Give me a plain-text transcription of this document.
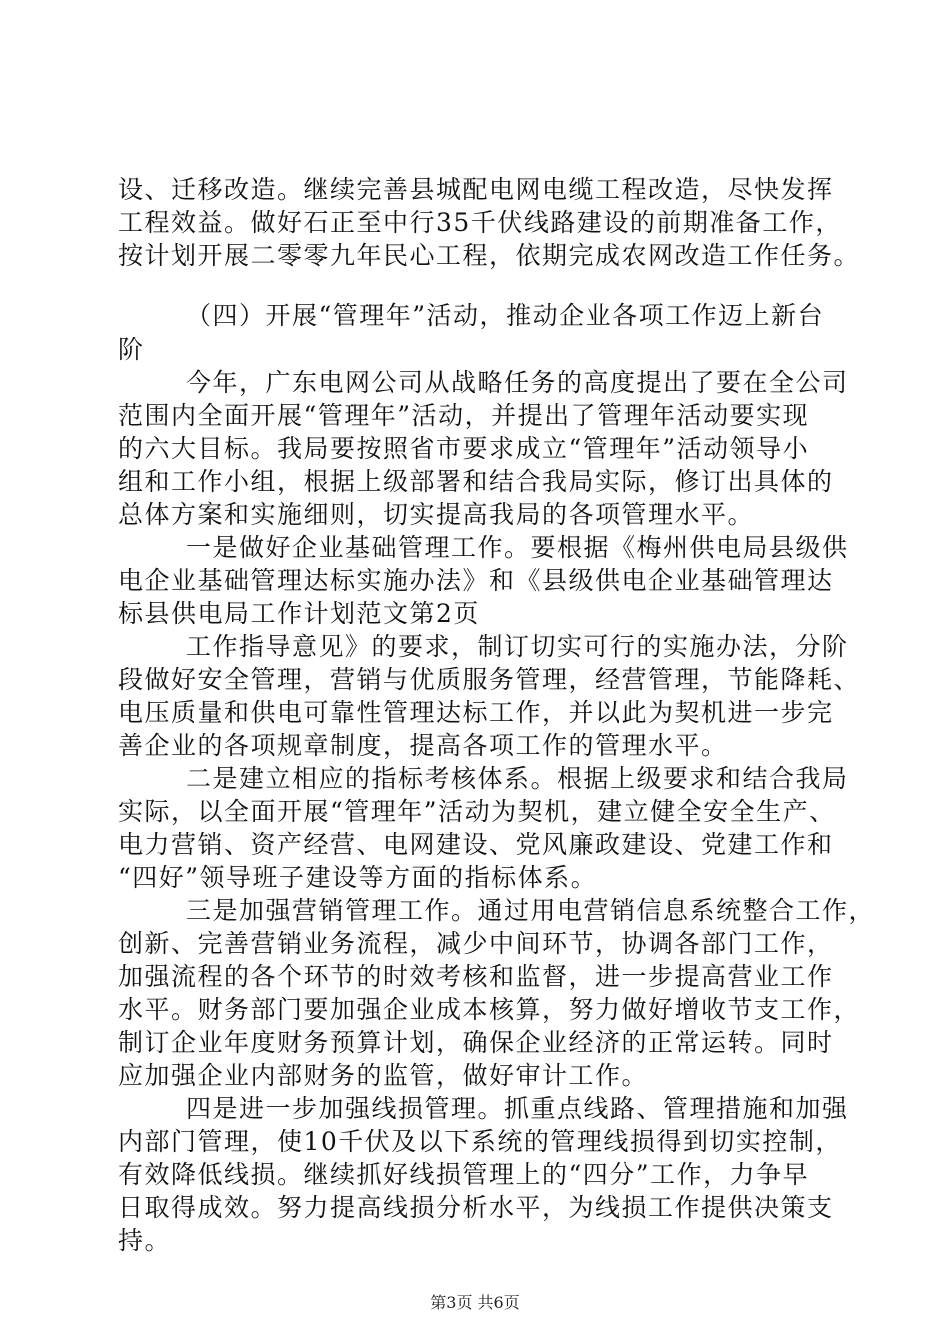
设、迁移改造。继续完善县城配电网电缆工程改造，尽快发挥
工程效益。做好石正至中行35千伏线路建设的前期准备工作，
按计划开展二零零九年民心工程，依期完成农网改造工作任务。
（四）开展“管理年”活动，推动企业各项工作迈上新台
阶
今年，广东电网公司从战略任务的高度提出了要在全公司
范围内全面开展“管理年”活动，并提出了管理年活动要实现
的六大目标。我局要按照省市要求成立“管理年”活动领导小
组和工作小组，根据上级部署和结合我局实际，修订出具体的
总体方案和实施细则，切实提高我局的各项管理水平。
一是做好企业基础管理工作。要根据《梅州供电局县级供
电企业基础管理达标实施办法》和《县级供电企业基础管理达
标县供电局工作计划范文第2页
工作指导意见》的要求，制订切实可行的实施办法，分阶
段做好安全管理，营销与优质服务管理，经营管理，节能降耗、
电压质量和供电可靠性管理达标工作，并以此为契机进一步完
善企业的各项规章制度，提高各项工作的管理水平。
二是建立相应的指标考核体系。根据上级要求和结合我局
实际，以全面开展“管理年”活动为契机，建立健全安全生产、
电力营销、资产经营、电网建设、党风廉政建设、党建工作和
“四好”领导班子建设等方面的指标体系。
三是加强营销管理工作。通过用电营销信息系统整合工作，
创新、完善营销业务流程，减少中间环节，协调各部门工作，
加强流程的各个环节的时效考核和监督，进一步提高营业工作
水平。财务部门要加强企业成本核算，努力做好增收节支工作，
制订企业年度财务预算计划，确保企业经济的正常运转。同时
应加强企业内部财务的监管，做好审计工作。
四是进一步加强线损管理。抓重点线路、管理措施和加强
内部门管理，使10千伏及以下系统的管理线损得到切实控制，
有效降低线损。继续抓好线损管理上的“四分”工作，力争早
日取得成效。努力提高线损分析水平，为线损工作提供决策支
持。
第3页 共6页
